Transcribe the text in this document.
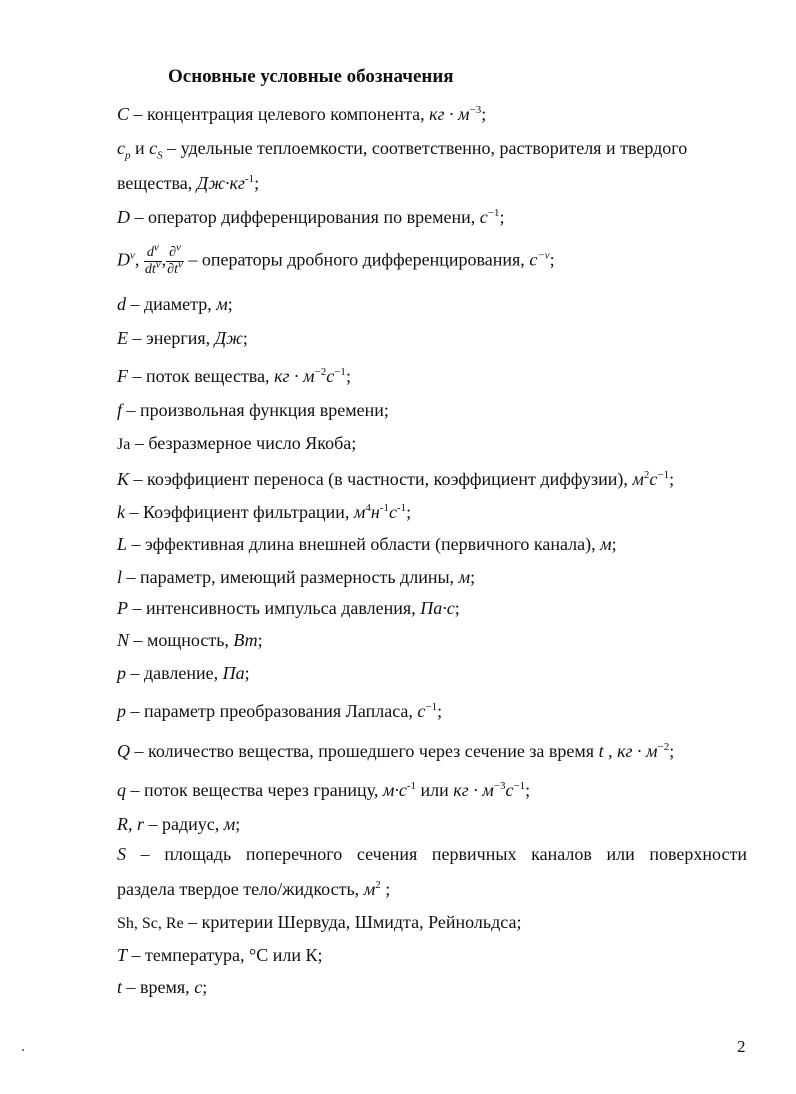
Основные условные обозначения
C – концентрация целевого компонента, кг · $м^{-3}$;
$c_p$ и $c_S$ – удельные теплоемкости, соответственно, растворителя и твердого
вещества, $Дж\cdot кг^{-1}$;
D – оператор дифференцирования по времени, $с^{-1}$;
$D^\nu$, $\frac{d^\nu}{dt^\nu}$ , $\frac{\partial^\nu}{\partial t^\nu}$ – операторы дробного дифференцирования, $с^{-\nu}$;
d – диаметр, м;
E – энергия, Дж;
F – поток вещества, кг · $м^{-2}с^{-1}$;
f – произвольная функция времени;
Ja – безразмерное число Якоба;
K – коэффициент переноса (в частности, коэффициент диффузии), $м^2с^{-1}$;
k – Коэффициент фильтрации, $м^4н^{-1}с^{-1}$;
L – эффективная длина внешней области (первичного канала), м;
l – параметр, имеющий размерность длины, м;
P – интенсивность импульса давления, Па·с;
N – мощность, Вт;
p – давление, Па;
p – параметр преобразования Лапласа, $с^{-1}$;
Q – количество вещества, прошедшего через сечение за время t , кг · $м^{-2}$;
q – поток вещества через границу, $м\cdot с^{-1}$ или кг · $м^{-3}с^{-1}$;
R, r – радиус, м;
S – площадь поперечного сечения первичных каналов или поверхности
раздела твердое тело/жидкость, $м^2$ ;
Sh, Sc, Re – критерии Шервуда, Шмидта, Рейнольдса;
T – температура, °С или К;
t – время, с;
2
